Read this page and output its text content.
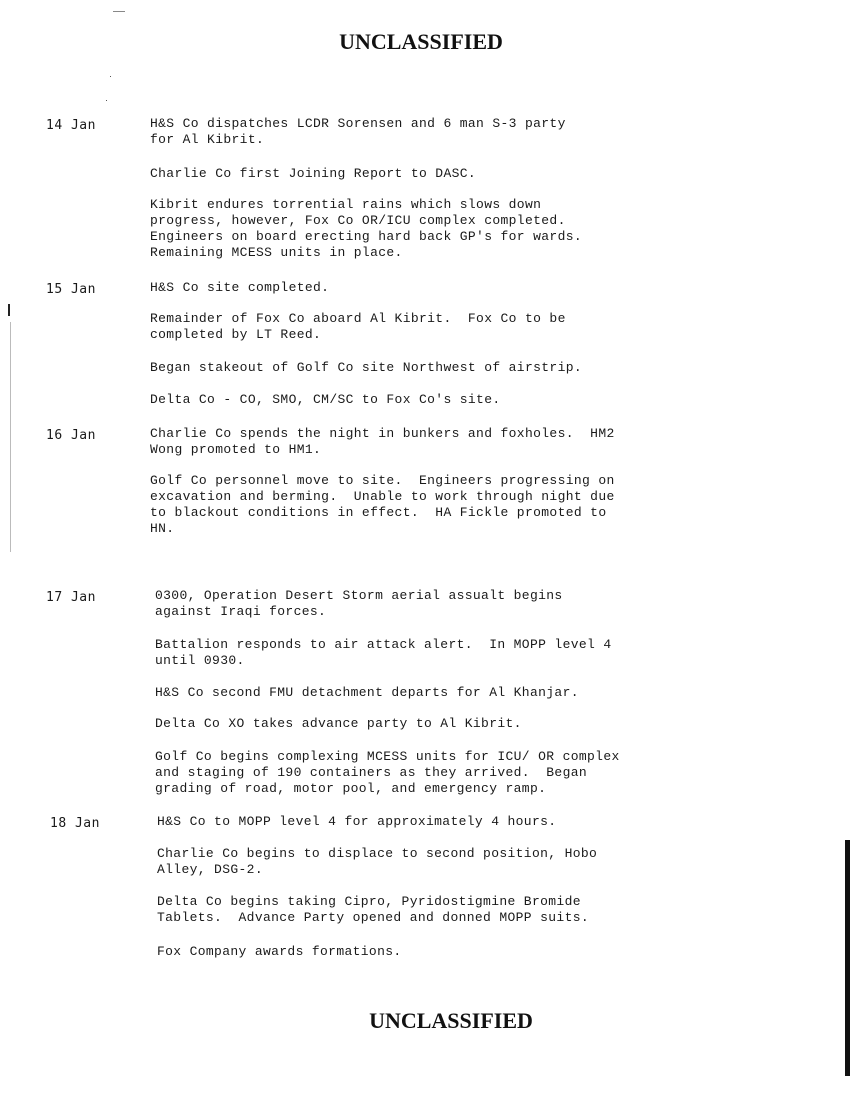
UNCLASSIFIED
14 Jan	H&S Co dispatches LCDR Sorensen and 6 man S-3 party
for Al Kibrit.
Charlie Co first Joining Report to DASC.
Kibrit endures torrential rains which slows down
progress, however, Fox Co OR/ICU complex completed.
Engineers on board erecting hard back GP's for wards.
Remaining MCESS units in place.
15 Jan	H&S Co site completed.
Remainder of Fox Co aboard Al Kibrit.  Fox Co to be
completed by LT Reed.
Began stakeout of Golf Co site Northwest of airstrip.
Delta Co - CO, SMO, CM/SC to Fox Co's site.
16 Jan	Charlie Co spends the night in bunkers and foxholes.  HM2
Wong promoted to HM1.
Golf Co personnel move to site.  Engineers progressing on
excavation and berming.  Unable to work through night due
to blackout conditions in effect.  HA Fickle promoted to
HN.
17 Jan	0300, Operation Desert Storm aerial assualt begins
against Iraqi forces.
Battalion responds to air attack alert.  In MOPP level 4
until 0930.
H&S Co second FMU detachment departs for Al Khanjar.
Delta Co XO takes advance party to Al Kibrit.
Golf Co begins complexing MCESS units for ICU/ OR complex
and staging of 190 containers as they arrived.  Began
grading of road, motor pool, and emergency ramp.
18 Jan	H&S Co to MOPP level 4 for approximately 4 hours.
Charlie Co begins to displace to second position, Hobo
Alley, DSG-2.
Delta Co begins taking Cipro, Pyridostigmine Bromide
Tablets.  Advance Party opened and donned MOPP suits.
Fox Company awards formations.
UNCLASSIFIED
